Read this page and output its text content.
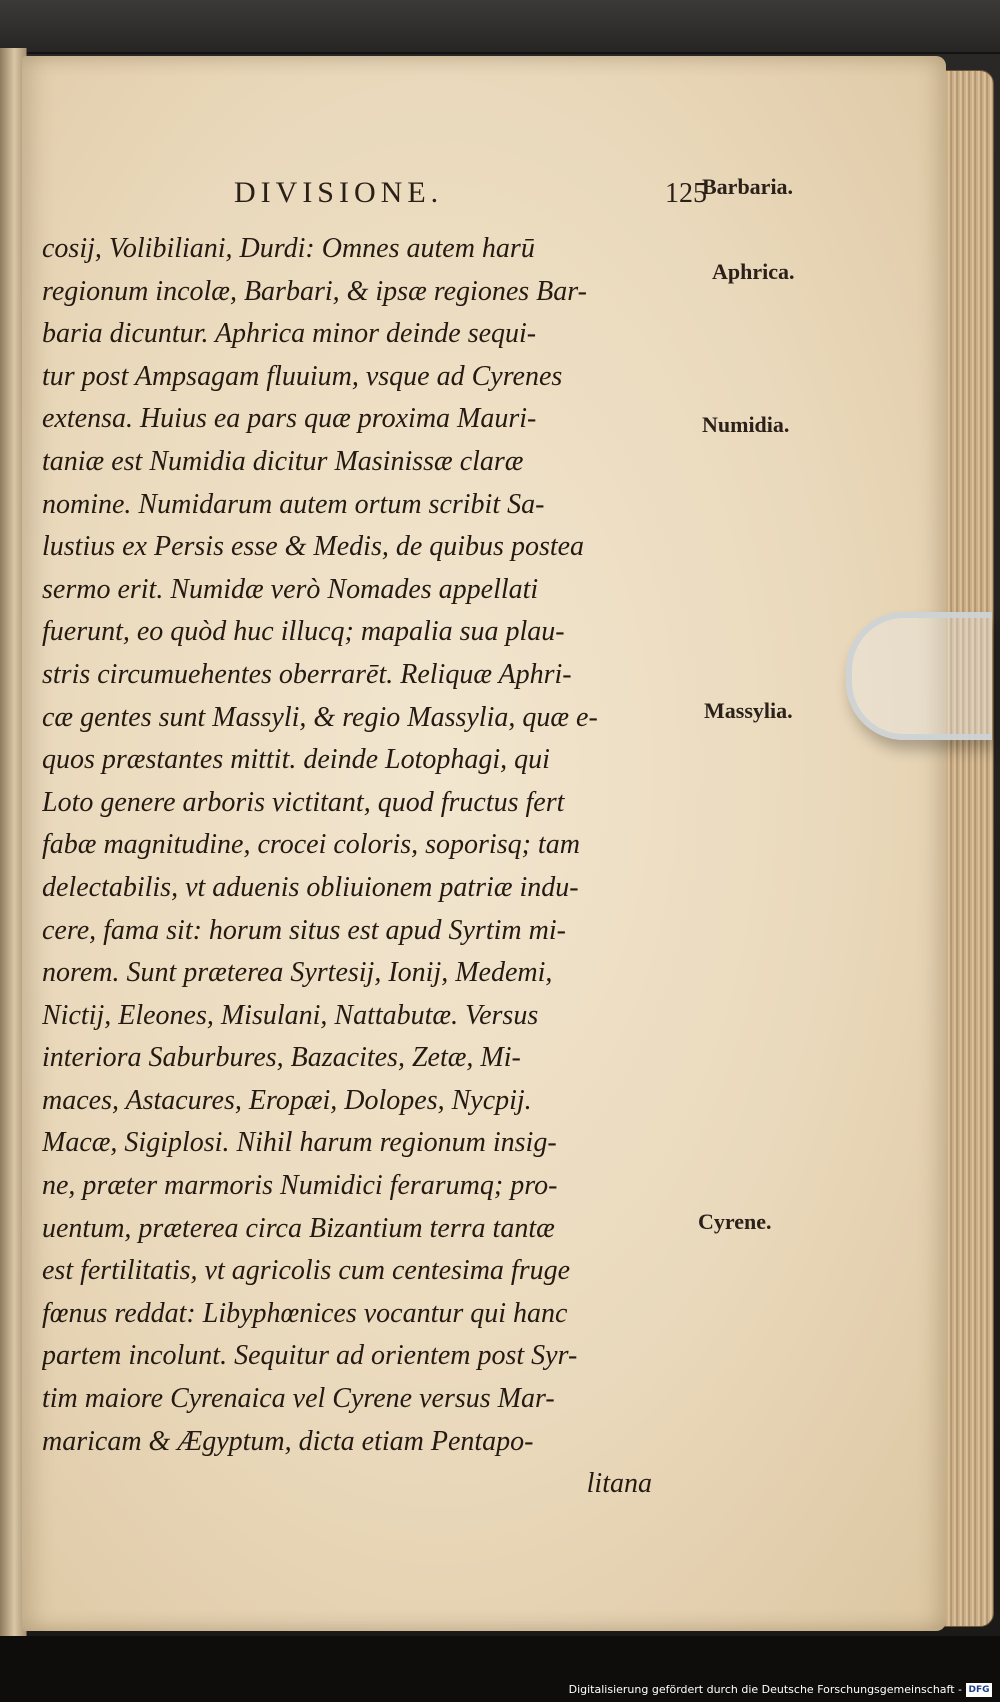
DIVISIONE.	125
cosij, Volibiliani, Durdi: Omnes autem harū
regionum incolæ, Barbari, & ipsæ regiones Bar-
baria dicuntur. Aphrica minor deinde sequi-
tur post Ampsagam fluuium, vsque ad Cyrenes
extensa. Huius ea pars quæ proxima Mauri-
taniæ est Numidia dicitur Masinissæ claræ
nomine. Numidarum autem ortum scribit Sa-
lustius ex Persis esse & Medis, de quibus postea
sermo erit. Numidæ verò Nomades appellati
fuerunt, eo quòd huc illucq; mapalia sua plau-
stris circumuehentes oberrarēt. Reliquæ Aphri-
cæ gentes sunt Massyli, & regio Massylia, quæ e-
quos præstantes mittit. deinde Lotophagi, qui
Loto genere arboris victitant, quod fructus fert
fabæ magnitudine, crocei coloris, soporisq; tam
delectabilis, vt aduenis obliuionem patriæ indu-
cere, fama sit: horum situs est apud Syrtim mi-
norem. Sunt præterea Syrtesij, Ionij, Medemi,
Nictij, Eleones, Misulani, Nattabutæ. Versus
interiora Saburbures, Bazacites, Zetæ, Mi-
maces, Astacures, Eropæi, Dolopes, Nycpij.
Macæ, Sigiplosi. Nihil harum regionum insig-
ne, præter marmoris Numidici ferarumq; pro-
uentum, præterea circa Bizantium terra tantæ
est fertilitatis, vt agricolis cum centesima fruge
fœnus reddat: Libyphœnices vocantur qui hanc
partem incolunt. Sequitur ad orientem post Syr-
tim maiore Cyrenaica vel Cyrene versus Mar-
maricam & Ægyptum, dicta etiam Pentapo-
litana
Barbaria.
Aphrica.
Numidia.
Massylia.
Cyrene.
Digitalisierung gefördert durch die Deutsche Forschungsgemeinschaft - DFG
